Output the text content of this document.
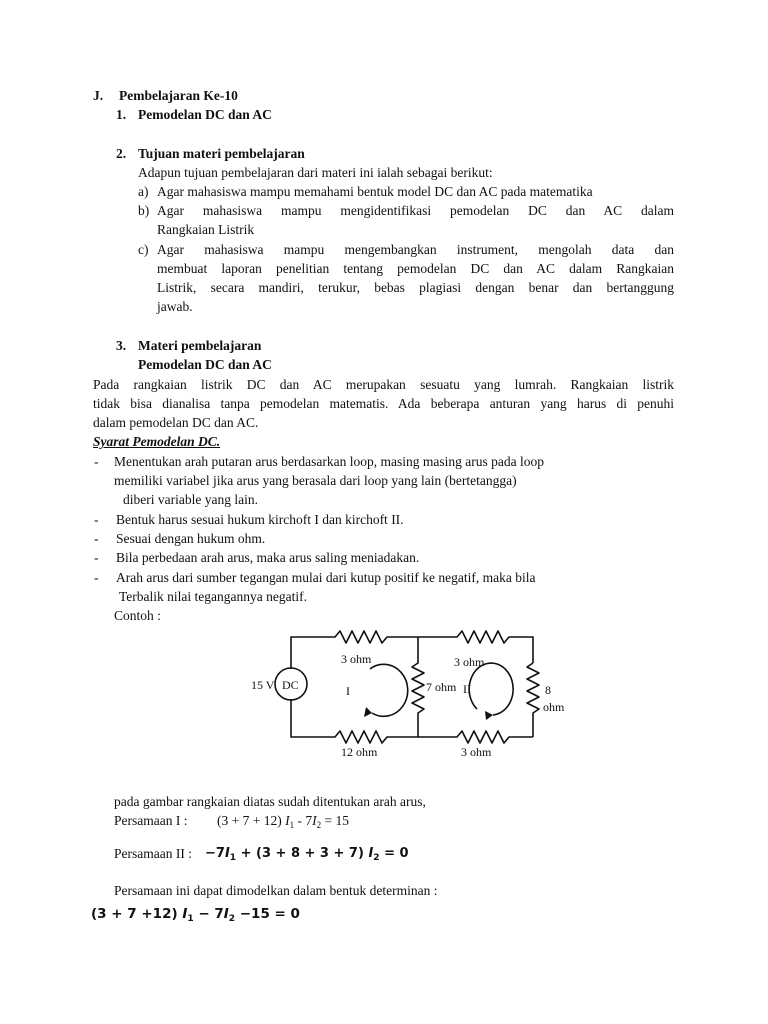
J. Pembelajaran Ke-10
1. Pemodelan DC dan AC
2. Tujuan materi pembelajaran
Adapun tujuan pembelajaran dari materi ini ialah sebagai berikut:
a) Agar mahasiswa mampu memahami bentuk model DC dan AC pada matematika
b) Agar mahasiswa mampu mengidentifikasi pemodelan DC dan AC dalam
Rangkaian Listrik
c) Agar mahasiswa mampu mengembangkan instrument, mengolah data dan
membuat laporan penelitian tentang pemodelan DC dan AC dalam Rangkaian
Listrik, secara mandiri, terukur, bebas plagiasi dengan benar dan bertanggung
jawab.
3. Materi pembelajaran
Pemodelan DC dan AC
Pada rangkaian listrik DC dan AC merupakan sesuatu yang lumrah. Rangkaian listrik
tidak bisa dianalisa tanpa pemodelan matematis. Ada beberapa anturan yang harus di penuhi
dalam pemodelan DC dan AC.
Syarat Pemodelan DC.
- Menentukan arah putaran arus berdasarkan loop, masing masing arus pada loop
memiliki variabel jika arus yang berasala dari loop yang lain (bertetangga)
diberi variable yang lain.
- Bentuk harus sesuai hukum kirchoft I dan kirchoft II.
- Sesuai dengan hukum ohm.
- Bila perbedaan arah arus, maka arus saling meniadakan.
- Arah arus dari sumber tegangan mulai dari kutup positif ke negatif, maka bila
Terbalik nilai tegangannya negatif.
Contoh :
15 V DC	I	II
3 ohm	3 ohm
7 ohm	8
ohm
12 ohm	3 ohm
pada gambar rangkaian diatas sudah ditentukan arah arus,
Persamaan I : (3 + 7 + 12) $I_1 - 7I_2 = 15$
Persamaan II : $-7I_1 + (3 + 8 + 3 + 7) I_2 = 0$
Persamaan ini dapat dimodelkan dalam bentuk determinan :
(3 + 7 +12) $I_1 - 7I_2 -15 = 0$
